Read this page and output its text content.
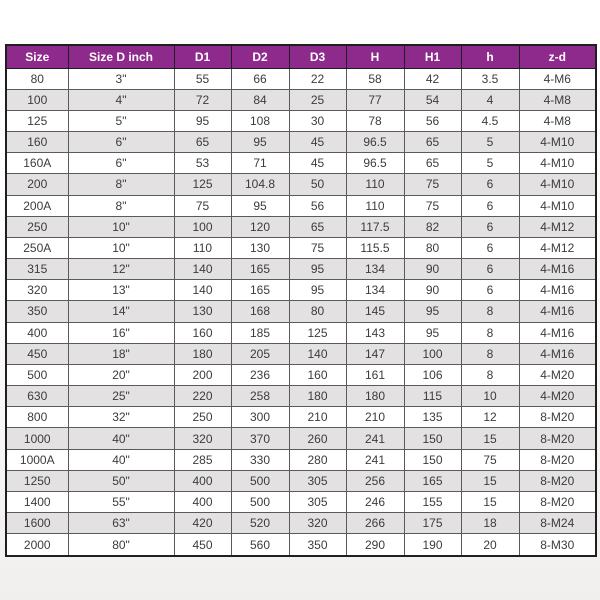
Size	Size D inch	D1	D2	D3	H	H1	h	z-d
80	3"	55	66	22	58	42	3.5	4-M6
100	4"	72	84	25	77	54	4	4-M8
125	5"	95	108	30	78	56	4.5	4-M8
160	6"	65	95	45	96.5	65	5	4-M10
160A	6"	53	71	45	96.5	65	5	4-M10
200	8"	125	104.8	50	110	75	6	4-M10
200A	8"	75	95	56	110	75	6	4-M10
250	10"	100	120	65	117.5	82	6	4-M12
250A	10"	110	130	75	115.5	80	6	4-M12
315	12"	140	165	95	134	90	6	4-M16
320	13"	140	165	95	134	90	6	4-M16
350	14"	130	168	80	145	95	8	4-M16
400	16"	160	185	125	143	95	8	4-M16
450	18"	180	205	140	147	100	8	4-M16
500	20"	200	236	160	161	106	8	4-M20
630	25"	220	258	180	180	115	10	4-M20
800	32"	250	300	210	210	135	12	8-M20
1000	40"	320	370	260	241	150	15	8-M20
1000A	40"	285	330	280	241	150	75	8-M20
1250	50"	400	500	305	256	165	15	8-M20
1400	55"	400	500	305	246	155	15	8-M20
1600	63"	420	520	320	266	175	18	8-M24
2000	80"	450	560	350	290	190	20	8-M30
